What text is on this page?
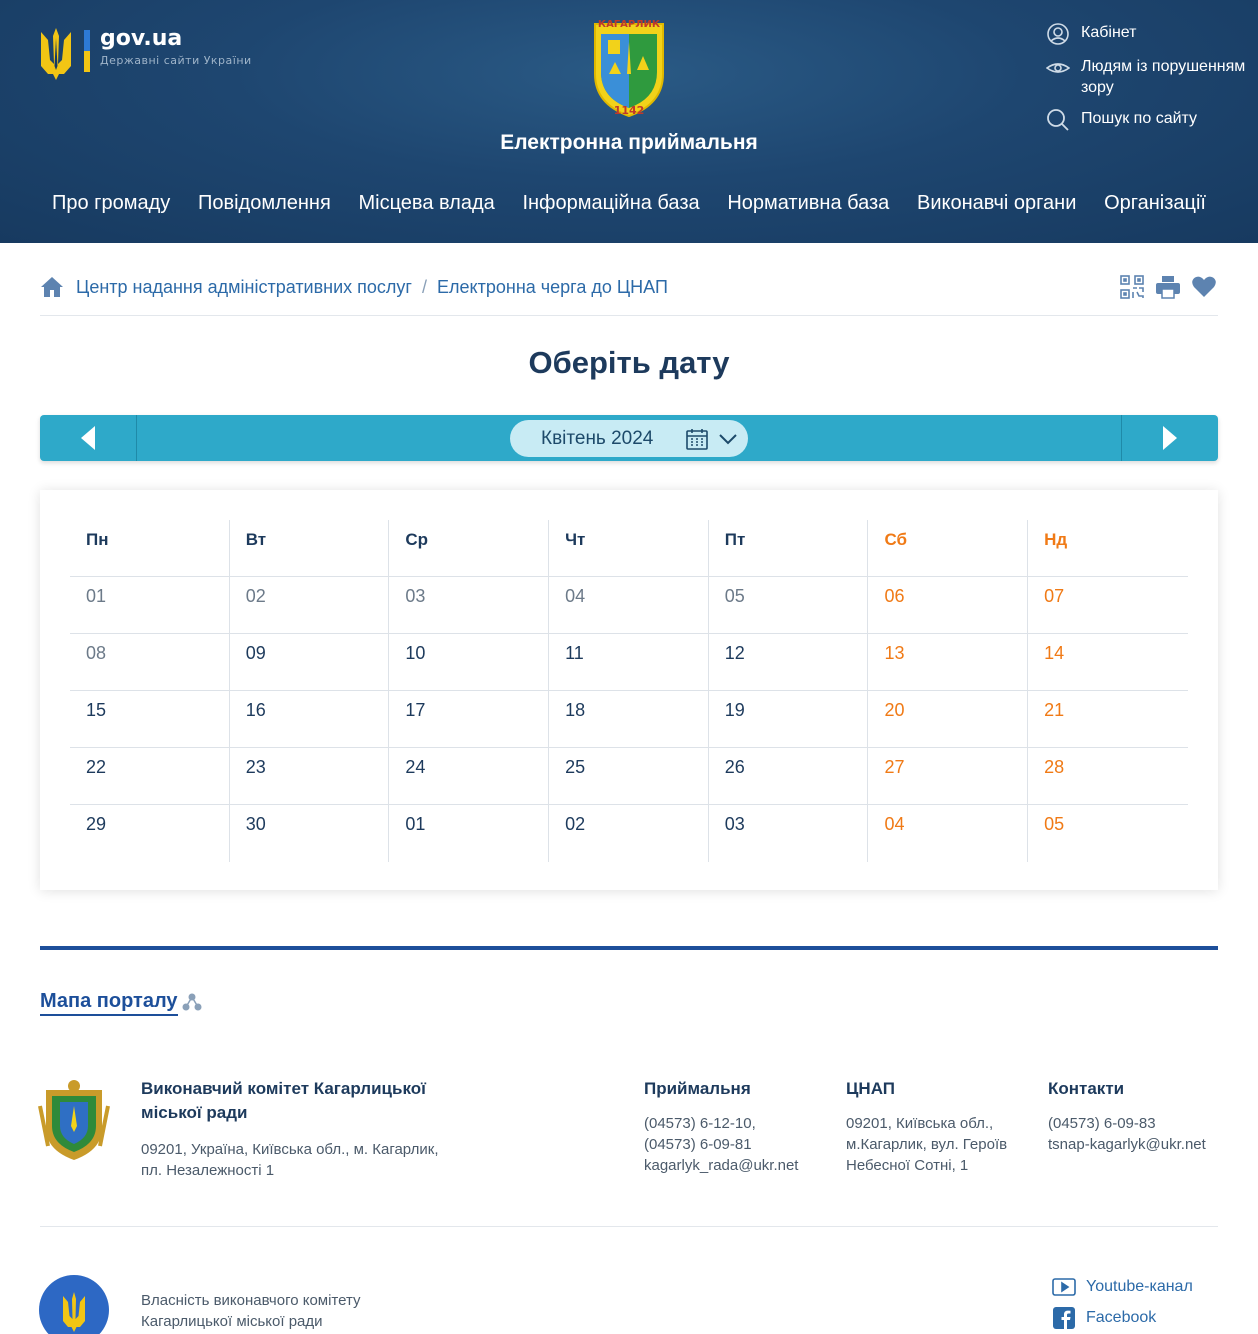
gov.ua
Державні сайти України
КАГАРЛИК
1142
Електронна приймальня
Кабінет
Людям із порушенням зору
Пошук по сайту
Про громаду Повідомлення Місцева влада Інформаційна база Нормативна база Виконавчі органи Організації
Центр надання адміністративних послуг / Електронна черга до ЦНАП
Оберіть дату
Квітень 2024
Пн	Вт	Ср	Чт	Пт	Сб	Нд
01	02	03	04	05	06	07
08	09	10	11	12	13	14
15	16	17	18	19	20	21
22	23	24	25	26	27	28
29	30	01	02	03	04	05
Мапа порталу
Виконавчий комітет Кагарлицької міської ради
09201, Україна, Київська обл., м. Кагарлик, пл. Незалежності 1
Приймальня
(04573) 6-12-10,
(04573) 6-09-81
kagarlyk_rada@ukr.net
ЦНАП
09201, Київська обл.,
м.Кагарлик, вул. Героїв
Небесної Сотні, 1
Контакти
(04573) 6-09-83
tsnap-kagarlyk@ukr.net
Власність виконавчого комітету Кагарлицької міської ради
Youtube-канал
Facebook
